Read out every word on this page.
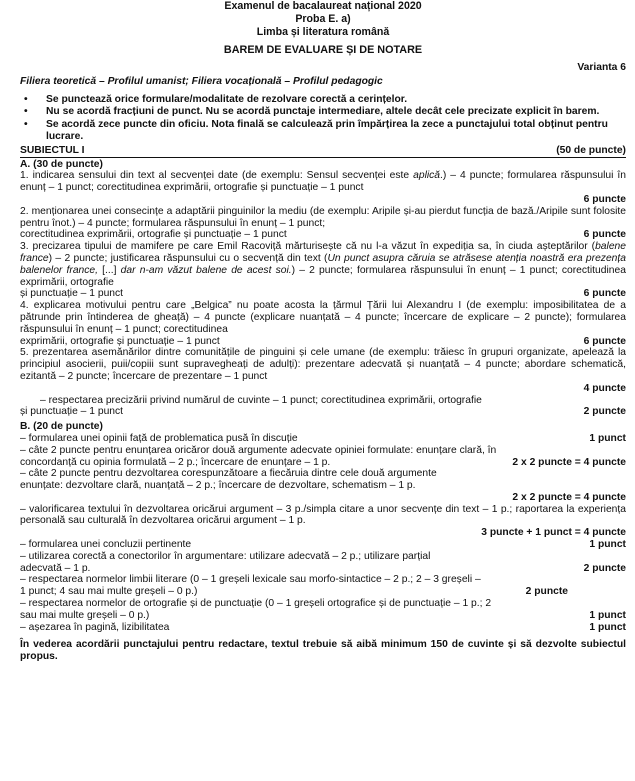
Examenul de bacalaureat național 2020
Proba E. a)
Limba și literatura română
BAREM DE EVALUARE ȘI DE NOTARE
Varianta 6
Filiera teoretică – Profilul umanist; Filiera vocațională – Profilul pedagogic
• Se punctează orice formulare/modalitate de rezolvare corectă a cerințelor.
• Nu se acordă fracțiuni de punct. Nu se acordă punctaje intermediare, altele decât cele precizate explicit în barem.
• Se acordă zece puncte din oficiu. Nota finală se calculează prin împărțirea la zece a punctajului total obținut pentru lucrare.
SUBIECTUL I	(50 de puncte)
A. (30 de puncte)
1. indicarea sensului din text al secvenței date (de exemplu: Sensul secvenței este aplică.) – 4 puncte; formularea răspunsului în enunț – 1 punct; corectitudinea exprimării, ortografie și punctuație – 1 punct
6 puncte
2. menționarea unei consecințe a adaptării pinguinilor la mediu (de exemplu: Aripile și-au pierdut funcția de bază./Aripile sunt folosite pentru înot.) – 4 puncte; formularea răspunsului în enunț – 1 punct;
corectitudinea exprimării, ortografie și punctuație – 1 punct	6 puncte
3. precizarea tipului de mamifere pe care Emil Racoviță mărturisește că nu l-a văzut în expediția sa, în ciuda așteptărilor (balene france) – 2 puncte; justificarea răspunsului cu o secvență din text (Un punct asupra căruia se atrăsese atenția noastră era prezența balenelor france, [...] dar n-am văzut balene de acest soi.) – 2 puncte; formularea răspunsului în enunț – 1 punct; corectitudinea exprimării, ortografie
și punctuație – 1 punct	6 puncte
4. explicarea motivului pentru care „Belgica” nu poate acosta la țărmul Țării lui Alexandru I (de exemplu: imposibilitatea de a pătrunde prin întinderea de gheață) – 4 puncte (explicare nuanțată – 4 puncte; încercare de explicare – 2 puncte); formularea răspunsului în enunț – 1 punct; corectitudinea
exprimării, ortografie și punctuație – 1 punct	6 puncte
5. prezentarea asemănărilor dintre comunitățile de pinguini și cele umane (de exemplu: trăiesc în grupuri organizate, apelează la principiul asocierii, puii/copiii sunt supravegheați de adulți): prezentare adecvată și nuanțată – 4 puncte; abordare schematică, ezitantă – 2 puncte; încercare de prezentare – 1 punct
4 puncte
– respectarea precizării privind numărul de cuvinte – 1 punct; corectitudinea exprimării, ortografie
și punctuație – 1 punct	2 puncte
B. (20 de puncte)
– formularea unei opinii față de problematica pusă în discuție	1 punct
– câte 2 puncte pentru enunțarea oricăror două argumente adecvate opiniei formulate: enunțare clară, în
concordanță cu opinia formulată – 2 p.; încercare de enunțare – 1 p.	2 x 2 puncte = 4 puncte
– câte 2 puncte pentru dezvoltarea corespunzătoare a fiecăruia dintre cele două argumente
enunțate: dezvoltare clară, nuanțată – 2 p.; încercare de dezvoltare, schematism – 1 p.
2 x 2 puncte = 4 puncte
– valorificarea textului în dezvoltarea oricărui argument – 3 p./simpla citare a unor secvențe din text – 1 p.; raportarea la experiența personală sau culturală în dezvoltarea oricărui argument – 1 p.
3 puncte + 1 punct = 4 puncte
– formularea unei concluzii pertinente	1 punct
– utilizarea corectă a conectorilor în argumentare: utilizare adecvată – 2 p.; utilizare parțial
adecvată – 1 p.	2 puncte
– respectarea normelor limbii literare (0 – 1 greșeli lexicale sau morfo-sintactice – 2 p.; 2 – 3 greșeli –
1 punct; 4 sau mai multe greșeli – 0 p.)	2 puncte
– respectarea normelor de ortografie și de punctuație (0 – 1 greșeli ortografice și de punctuație – 1 p.; 2
sau mai multe greșeli – 0 p.)	1 punct
– așezarea în pagină, lizibilitatea	1 punct
În vederea acordării punctajului pentru redactare, textul trebuie să aibă minimum 150 de cuvinte și să dezvolte subiectul propus.
